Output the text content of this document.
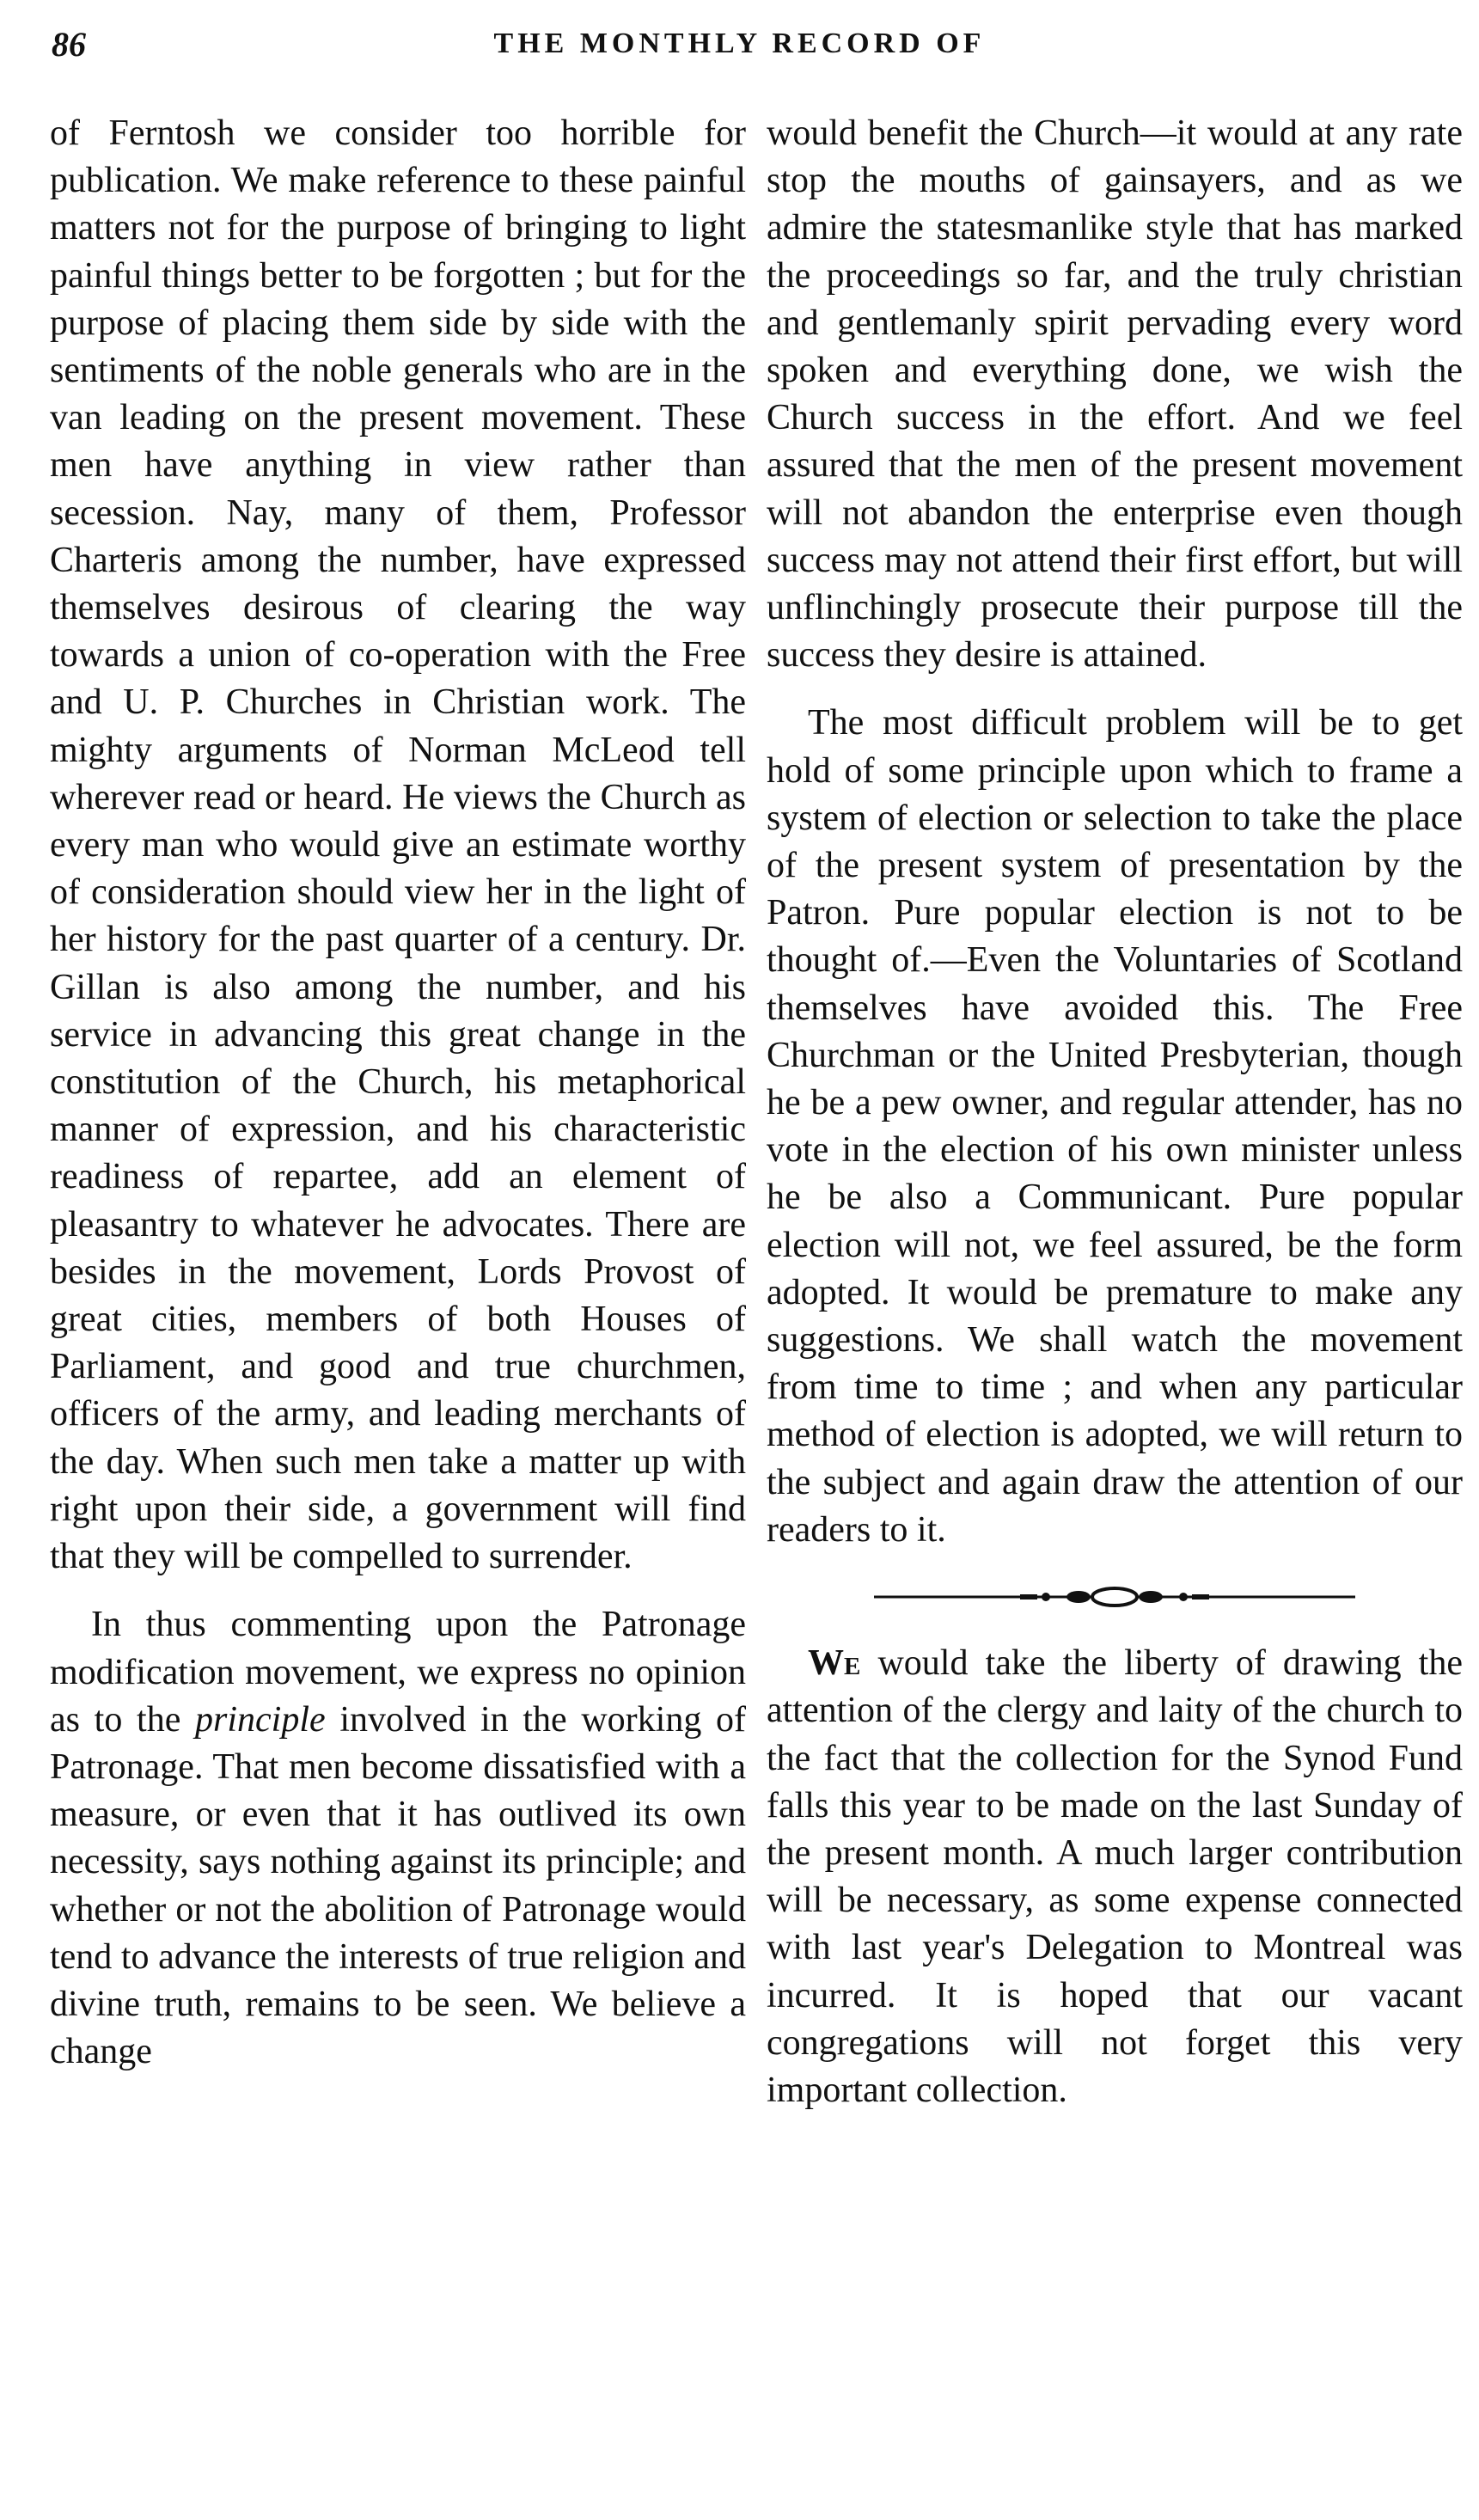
86	THE MONTHLY RECORD OF

of Ferntosh we consider too horrible for publication. We make reference to these painful matters not for the purpose of bringing to light painful things better to be forgotten ; but for the purpose of placing them side by side with the sentiments of the noble generals who are in the van leading on the present movement. These men have anything in view rather than secession. Nay, many of them, Professor Charteris among the number, have expressed themselves desirous of clearing the way towards a union of co-operation with the Free and U. P. Churches in Christian work. The mighty arguments of Norman McLeod tell wherever read or heard. He views the Church as every man who would give an estimate worthy of consideration should view her in the light of her history for the past quarter of a century. Dr. Gillan is also among the number, and his service in advancing this great change in the constitution of the Church, his metaphorical manner of expression, and his characteristic readiness of repartee, add an element of pleasantry to whatever he advocates. There are besides in the movement, Lords Provost of great cities, members of both Houses of Parliament, and good and true churchmen, officers of the army, and leading merchants of the day. When such men take a matter up with right upon their side, a government will find that they will be compelled to surrender.

In thus commenting upon the Patronage modification movement, we express no opinion as to the principle involved in the working of Patronage. That men become dissatisfied with a measure, or even that it has outlived its own necessity, says nothing against its principle; and whether or not the abolition of Patronage would tend to advance the interests of true religion and divine truth, remains to be seen. We believe a change

would benefit the Church—it would at any rate stop the mouths of gainsayers, and as we admire the statesmanlike style that has marked the proceedings so far, and the truly christian and gentlemanly spirit pervading every word spoken and everything done, we wish the Church success in the effort. And we feel assured that the men of the present movement will not abandon the enterprise even though success may not attend their first effort, but will unflinchingly prosecute their purpose till the success they desire is attained.

The most difficult problem will be to get hold of some principle upon which to frame a system of election or selection to take the place of the present system of presentation by the Patron. Pure popular election is not to be thought of.—Even the Voluntaries of Scotland themselves have avoided this. The Free Churchman or the United Presbyterian, though he be a pew owner, and regular attender, has no vote in the election of his own minister unless he be also a Communicant. Pure popular election will not, we feel assured, be the form adopted. It would be premature to make any suggestions. We shall watch the movement from time to time ; and when any particular method of election is adopted, we will return to the subject and again draw the attention of our readers to it.

We would take the liberty of drawing the attention of the clergy and laity of the church to the fact that the collection for the Synod Fund falls this year to be made on the last Sunday of the present month. A much larger contribution will be necessary, as some expense connected with last year's Delegation to Montreal was incurred. It is hoped that our vacant congregations will not forget this very important collection.
